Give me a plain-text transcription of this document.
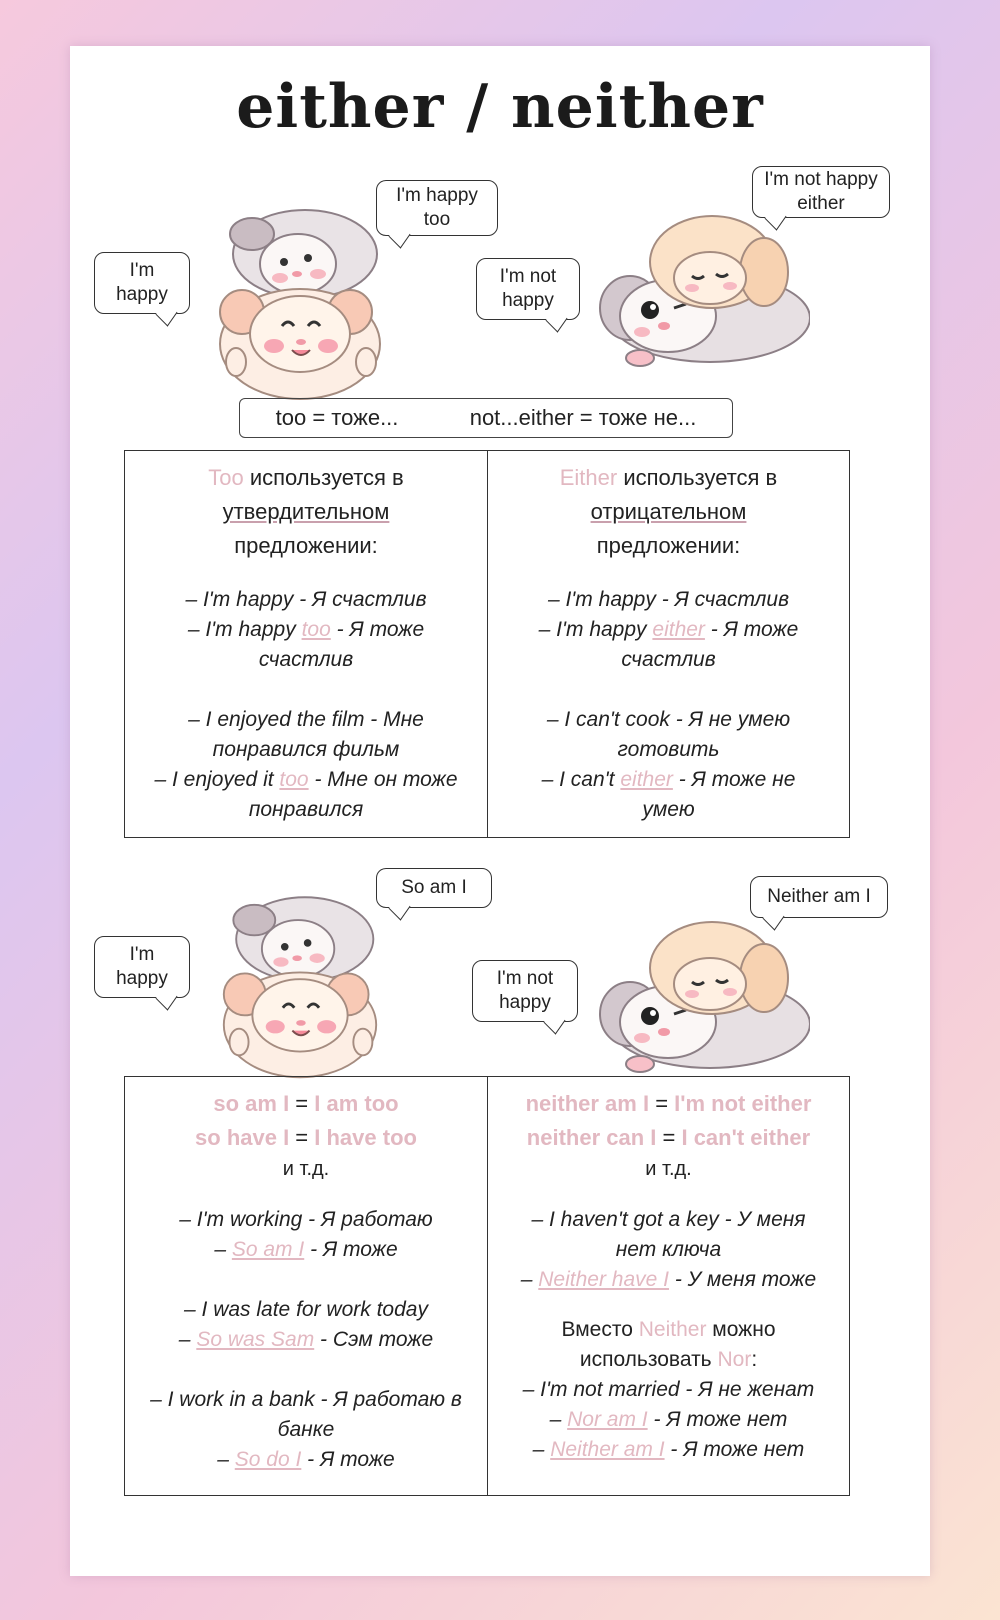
either / neither
I'm happy
I'm happy too
I'm not happy
I'm not happy either
too = тоже...	not...either = тоже не...

Too используется в

утвердительном

предложении:

– I'm happy - Я счастлив

– I'm happy too - Я тоже

счастлив

– I enjoyed the film - Мне

понравился фильм

– I enjoyed it too - Мне он тоже

понравился

Either используется в

отрицательном

предложении:

– I'm happy - Я счастлив

– I'm happy either - Я тоже

счастлив

– I can't cook - Я не умею

готовить

– I can't either - Я тоже не

умею

I'm happy
So am I
I'm not happy
Neither am I
so am I = I am too
so have I = I have too
и т.д.

– I'm working - Я работаю

– So am I - Я тоже

– I was late for work today

– So was Sam - Сэм тоже

– I work in a bank - Я работаю в

банке

– So do I - Я тоже

neither am I = I'm not either
neither can I = I can't either
и т.д.

– I haven't got a key - У меня

нет ключа

– Neither have I - У меня тоже

Вместо Neither можно

использовать Nor:

– I'm not married - Я не женат

– Nor am I - Я тоже нет

– Neither am I - Я тоже нет
